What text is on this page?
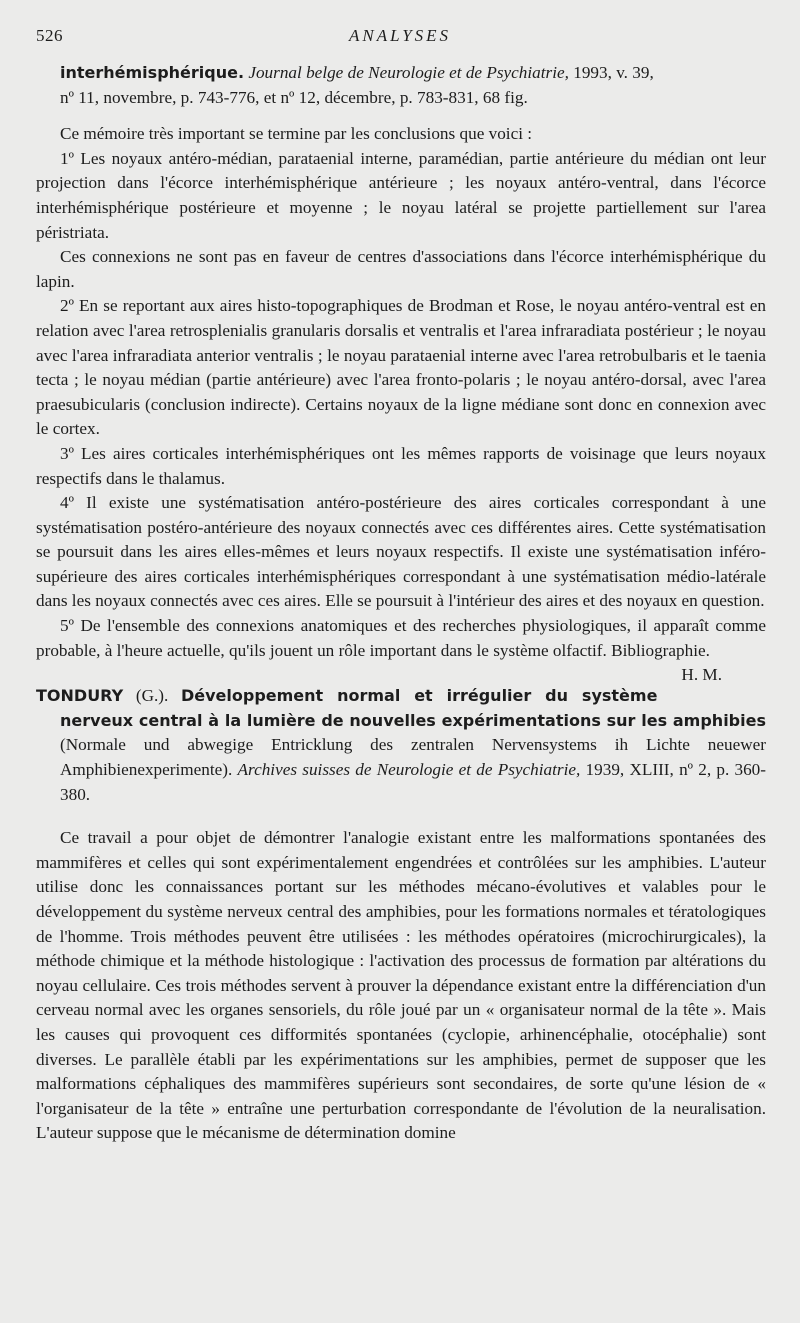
526	ANALYSES

interhémisphérique. Journal belge de Neurologie et de Psychiatrie, 1993, v. 39,
nº 11, novembre, p. 743-776, et nº 12, décembre, p. 783-831, 68 fig.

Ce mémoire très important se termine par les conclusions que voici :

1º Les noyaux antéro-médian, parataenial interne, paramédian, partie antérieure du médian ont leur projection dans l'écorce interhémisphérique antérieure ; les noyaux antéro-ventral, dans l'écorce interhémisphérique postérieure et moyenne ; le noyau latéral se projette partiellement sur l'area péristriata.

Ces connexions ne sont pas en faveur de centres d'associations dans l'écorce interhémisphérique du lapin.

2º En se reportant aux aires histo-topographiques de Brodman et Rose, le noyau antéro-ventral est en relation avec l'area retrosplenialis granularis dorsalis et ventralis et l'area infraradiata postérieur ; le noyau avec l'area infraradiata anterior ventralis ; le noyau parataenial interne avec l'area retrobulbaris et le taenia tecta ; le noyau médian (partie antérieure) avec l'area fronto-polaris ; le noyau antéro-dorsal, avec l'area praesubicularis (conclusion indirecte). Certains noyaux de la ligne médiane sont donc en connexion avec le cortex.

3º Les aires corticales interhémisphériques ont les mêmes rapports de voisinage que leurs noyaux respectifs dans le thalamus.

4º Il existe une systématisation antéro-postérieure des aires corticales correspondant à une systématisation postéro-antérieure des noyaux connectés avec ces différentes aires. Cette systématisation se poursuit dans les aires elles-mêmes et leurs noyaux respectifs. Il existe une systématisation inféro-supérieure des aires corticales interhémisphériques correspondant à une systématisation médio-latérale dans les noyaux connectés avec ces aires. Elle se poursuit à l'intérieur des aires et des noyaux en question.

5º De l'ensemble des connexions anatomiques et des recherches physiologiques, il apparaît comme probable, à l'heure actuelle, qu'ils jouent un rôle important dans le système olfactif. Bibliographie.
H. M.

TONDURY (G.). Développement normal et irrégulier du système nerveux central à la lumière de nouvelles expérimentations sur les amphibies (Normale und abwegige Entricklung des zentralen Nervensystems ih Lichte neuewer Amphibienexperimente). Archives suisses de Neurologie et de Psychiatrie, 1939, XLIII, nº 2, p. 360-380.

Ce travail a pour objet de démontrer l'analogie existant entre les malformations spontanées des mammifères et celles qui sont expérimentalement engendrées et contrôlées sur les amphibies. L'auteur utilise donc les connaissances portant sur les méthodes mécano-évolutives et valables pour le développement du système nerveux central des amphibies, pour les formations normales et tératologiques de l'homme. Trois méthodes peuvent être utilisées : les méthodes opératoires (microchirurgicales), la méthode chimique et la méthode histologique : l'activation des processus de formation par altérations du noyau cellulaire. Ces trois méthodes servent à prouver la dépendance existant entre la différenciation d'un cerveau normal avec les organes sensoriels, du rôle joué par un « organisateur normal de la tête ». Mais les causes qui provoquent ces difformités spontanées (cyclopie, arhinencéphalie, otocéphalie) sont diverses. Le parallèle établi par les expérimentations sur les amphibies, permet de supposer que les malformations céphaliques des mammifères supérieurs sont secondaires, de sorte qu'une lésion de « l'organisateur de la tête » entraîne une perturbation correspondante de l'évolution de la neuralisation. L'auteur suppose que le mécanisme de détermination domine
